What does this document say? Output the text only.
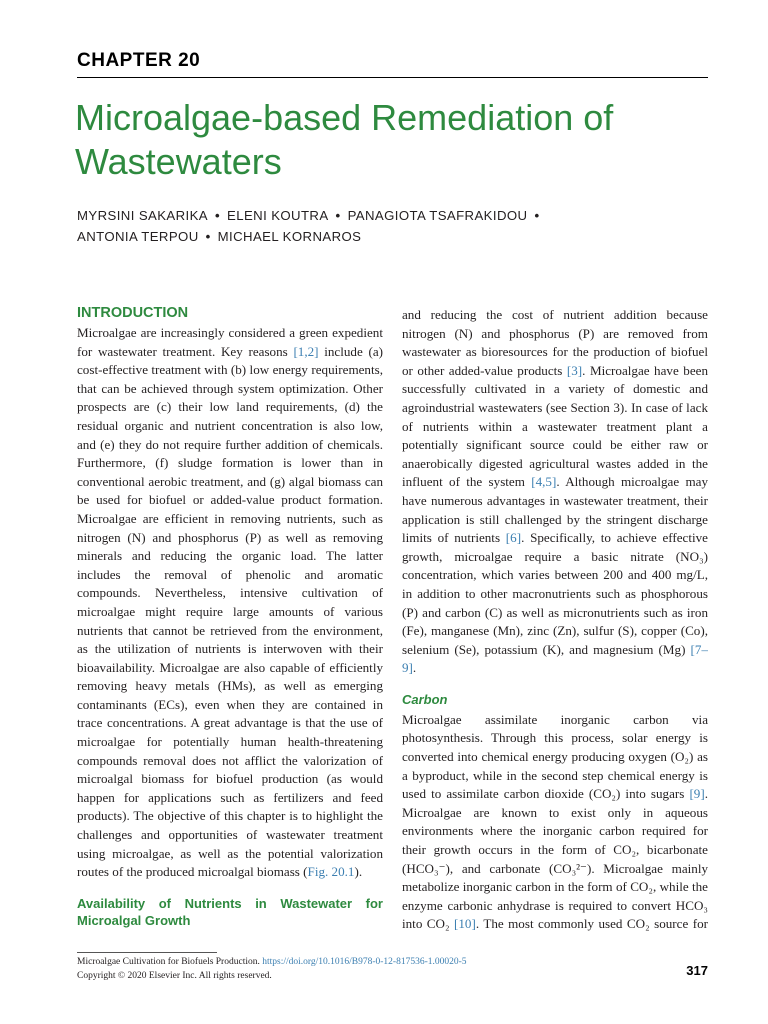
CHAPTER 20
Microalgae-based Remediation of Wastewaters
MYRSINI SAKARIKA • ELENI KOUTRA • PANAGIOTA TSAFRAKIDOU •
ANTONIA TERPOU • MICHAEL KORNAROS
INTRODUCTION

Microalgae are increasingly considered a green expedient for wastewater treatment. Key reasons [1,2] include (a) cost-effective treatment with (b) low energy requirements, that can be achieved through system optimization. Other prospects are (c) their low land requirements, (d) the residual organic and nutrient concentration is also low, and (e) they do not require further addition of chemicals. Furthermore, (f) sludge formation is lower than in conventional aerobic treatment, and (g) algal biomass can be used for biofuel or added-value product formation. Microalgae are efficient in removing nutrients, such as nitrogen (N) and phosphorus (P) as well as removing minerals and reducing the organic load. The latter includes the removal of phenolic and aromatic compounds. Nevertheless, intensive cultivation of microalgae might require large amounts of various nutrients that cannot be retrieved from the environment, as the utilization of nutrients is interwoven with their bioavailability. Microalgae are also capable of efficiently removing heavy metals (HMs), as well as emerging contaminants (ECs), even when they are contained in trace concentrations. A great advantage is that the use of microalgae for potentially human health-threatening compounds removal does not afflict the valorization of microalgal biomass for biofuel production (as would happen for applications such as fertilizers and feed products). The objective of this chapter is to highlight the challenges and opportunities of wastewater treatment using microalgae, as well as the potential valorization routes of the produced microalgal biomass (Fig. 20.1).

Availability of Nutrients in Wastewater for Microalgal Growth

and reducing the cost of nutrient addition because nitrogen (N) and phosphorus (P) are removed from wastewater as bioresources for the production of biofuel or other added-value products [3]. Microalgae have been successfully cultivated in a variety of domestic and agroindustrial wastewaters (see Section 3). In case of lack of nutrients within a wastewater treatment plant a potentially significant source could be either raw or anaerobically digested agricultural wastes added in the influent of the system [4,5]. Although microalgae may have numerous advantages in wastewater treatment, their application is still challenged by the stringent discharge limits of nutrients [6]. Specifically, to achieve effective growth, microalgae require a basic nitrate (NO₃) concentration, which varies between 200 and 400 mg/L, in addition to other macronutrients such as phosphorous (P) and carbon (C) as well as micronutrients such as iron (Fe), manganese (Mn), zinc (Zn), sulfur (S), copper (Co), selenium (Se), potassium (K), and magnesium (Mg) [7–9].

Carbon

Microalgae assimilate inorganic carbon via photosynthesis. Through this process, solar energy is converted into chemical energy producing oxygen (O₂) as a byproduct, while in the second step chemical energy is used to assimilate carbon dioxide (CO₂) into sugars [9]. Microalgae are known to exist only in aqueous environments where the inorganic carbon required for their growth occurs in the form of CO₂, bicarbonate (HCO₃⁻), and carbonate (CO₃²⁻). Microalgae mainly metabolize inorganic carbon in the form of CO₂, while the enzyme carbonic anhydrase is required to convert HCO₃ into CO₂ [10]. The most commonly used CO₂ source for

Microalgae Cultivation for Biofuels Production. https://doi.org/10.1016/B978-0-12-817536-1.00020-5
Copyright © 2020 Elsevier Inc. All rights reserved.	317
